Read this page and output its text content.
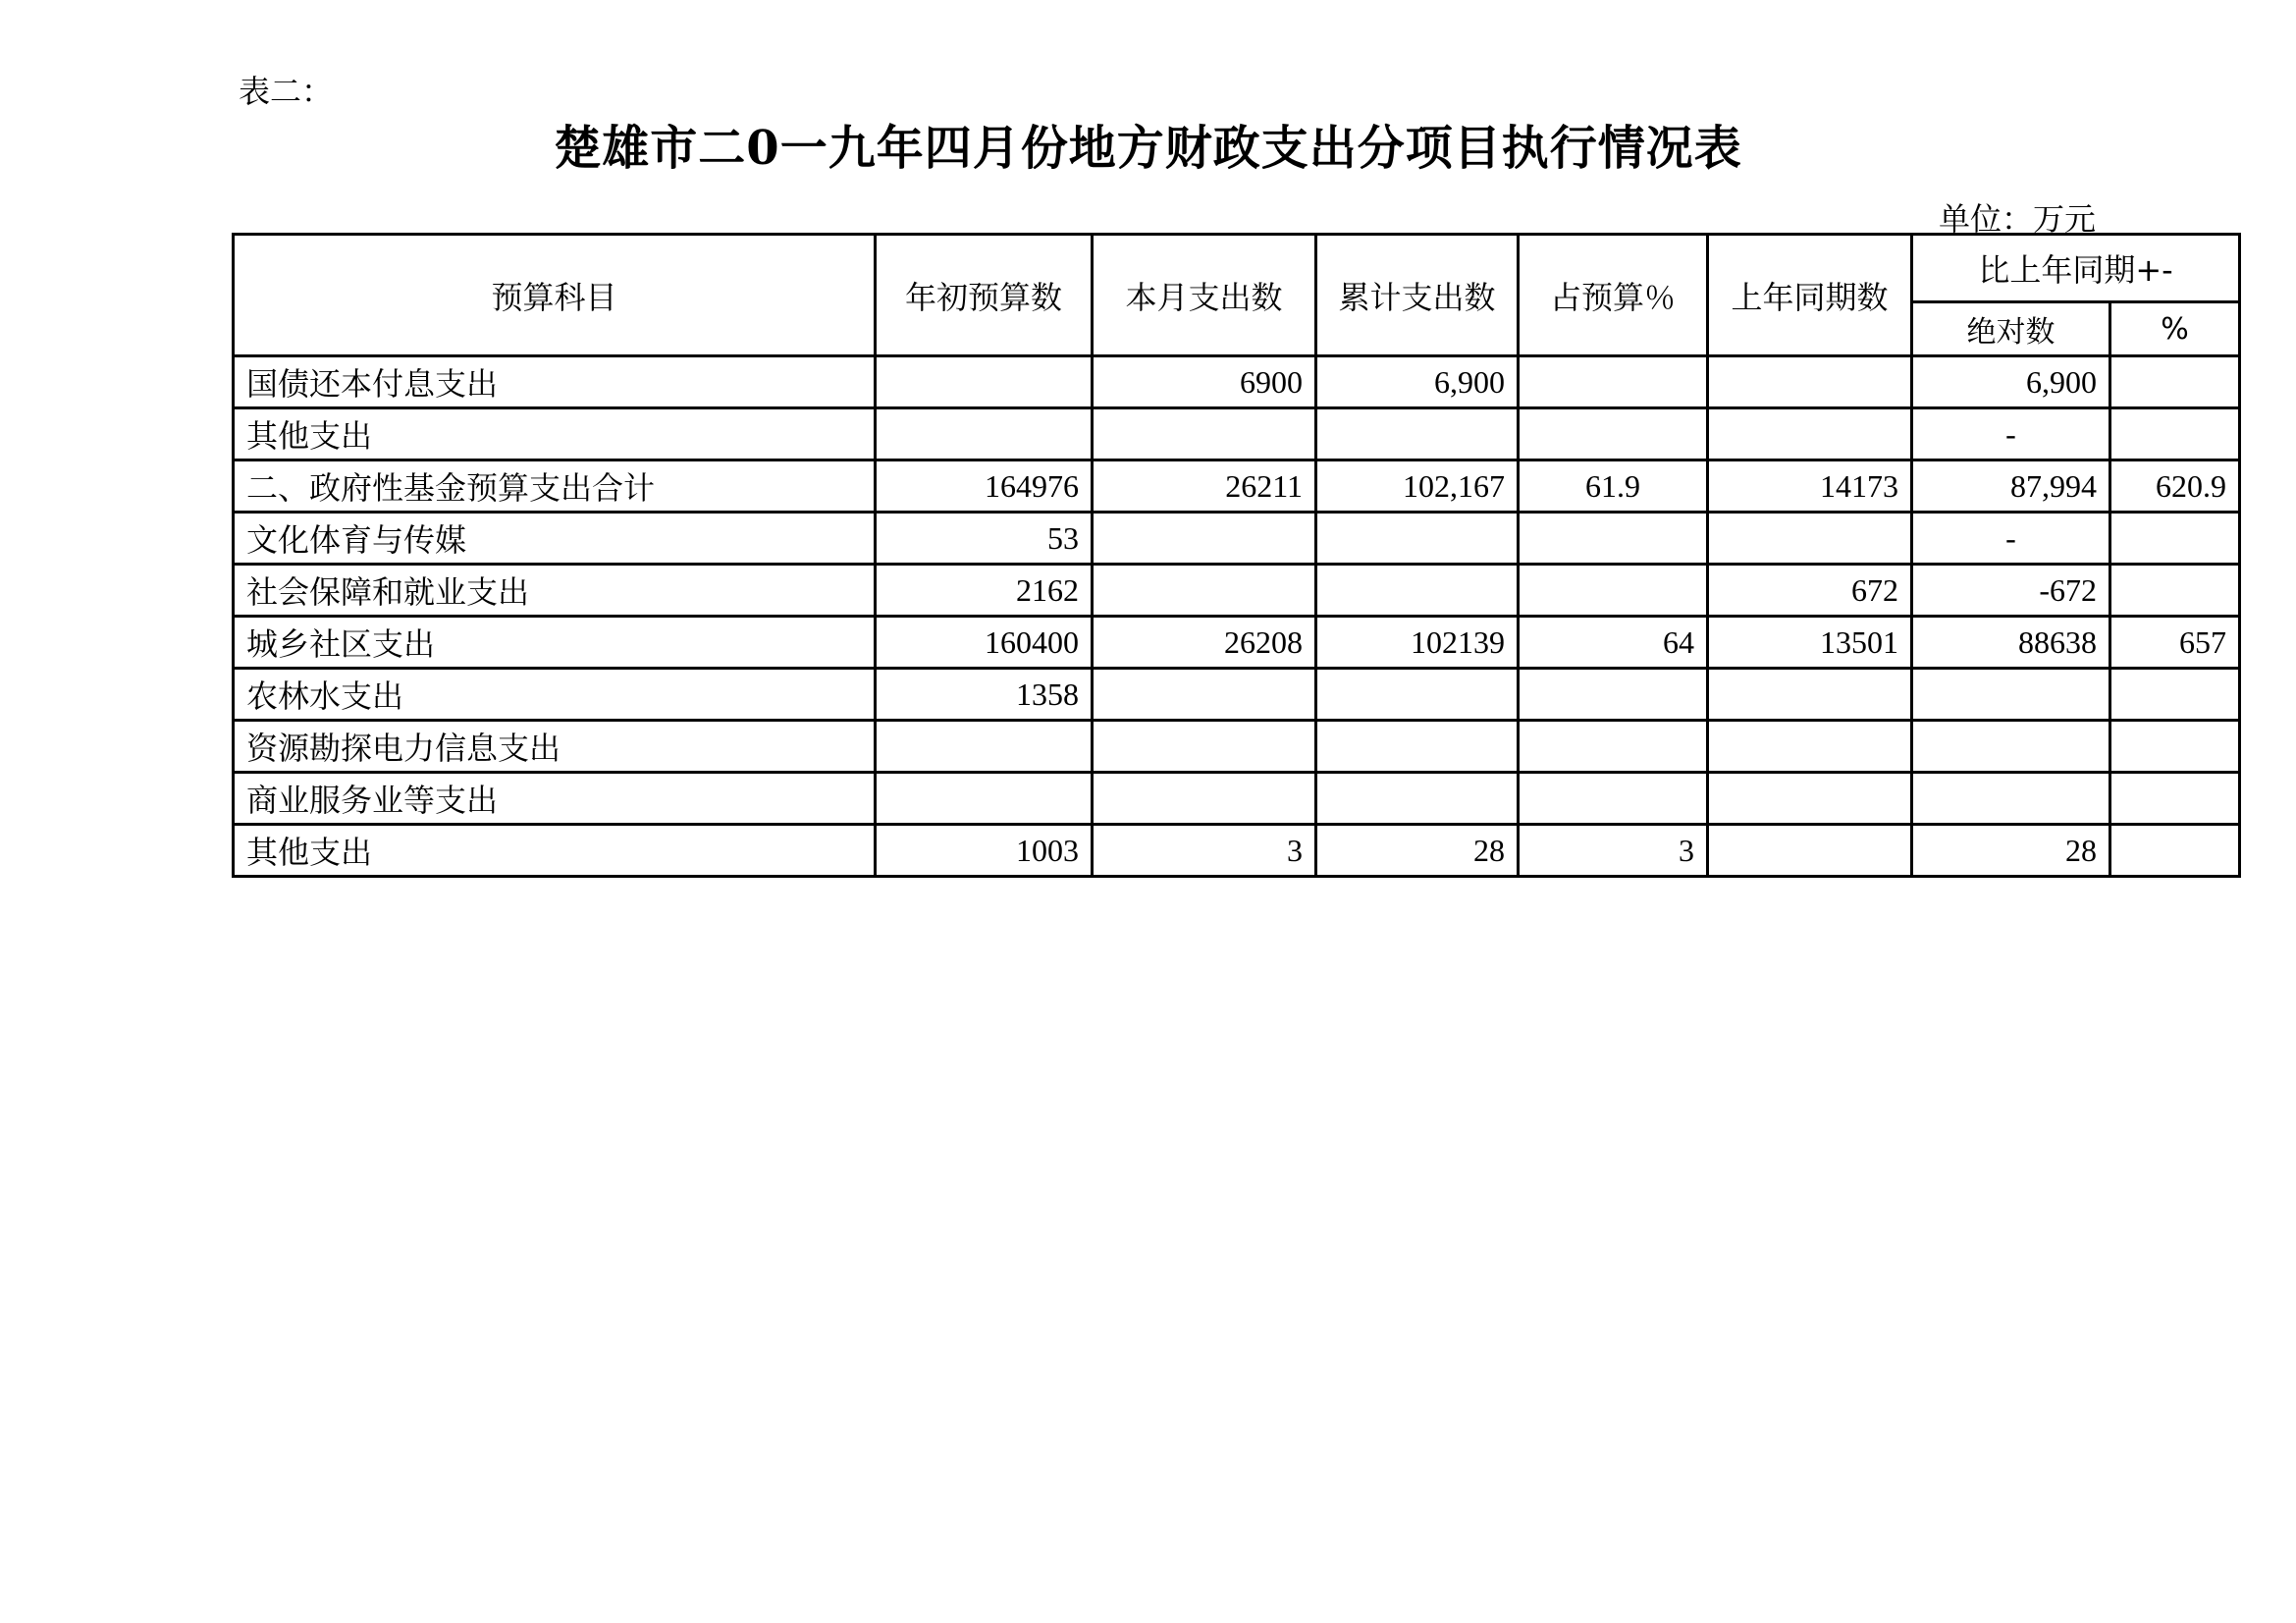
表二：
楚雄市二0一九年四月份地方财政支出分项目执行情况表
单位：万元
预算科目	年初预算数	本月支出数	累计支出数	占预算％	上年同期数	比上年同期+-	
						绝对数	%
国债还本付息支出		6900	6,900			6,900	
其他支出						-	
二、政府性基金预算支出合计	164976	26211	102,167	61.9	14173	87,994	620.9
文化体育与传媒	53					-	
社会保障和就业支出	2162				672	-672	
城乡社区支出	160400	26208	102139	64	13501	88638	657
农林水支出	1358						
资源勘探电力信息支出							
商业服务业等支出							
其他支出	1003	3	28	3		28	
